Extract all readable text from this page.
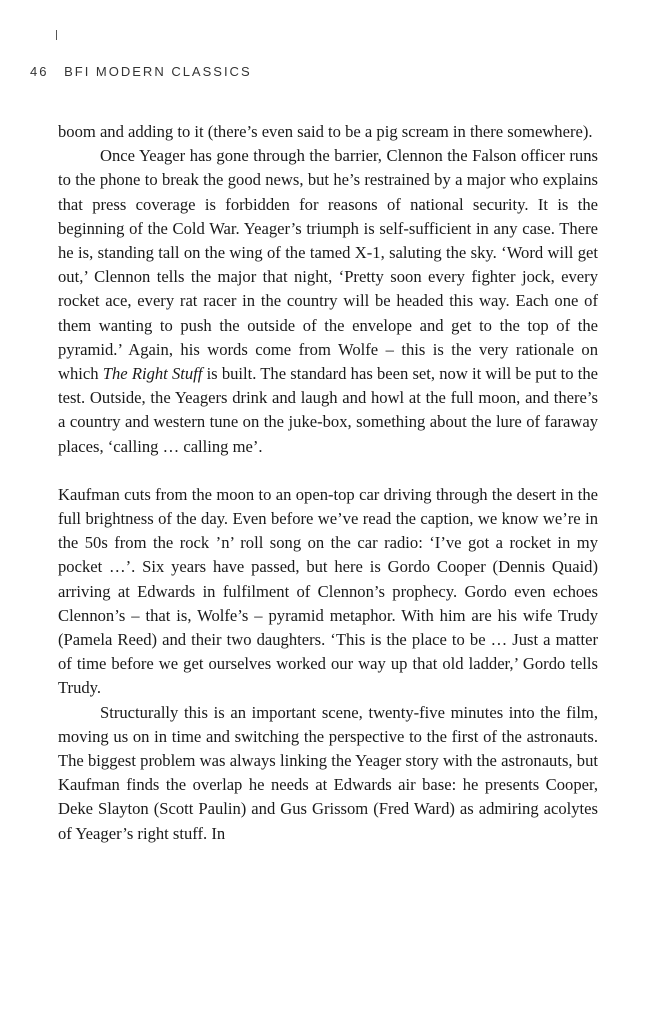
46 BFI MODERN CLASSICS

boom and adding to it (there’s even said to be a pig scream in there somewhere).

Once Yeager has gone through the barrier, Clennon the Falson officer runs to the phone to break the good news, but he’s restrained by a major who explains that press coverage is forbidden for reasons of national security. It is the beginning of the Cold War. Yeager’s triumph is self-sufficient in any case. There he is, standing tall on the wing of the tamed X-1, saluting the sky. ‘Word will get out,’ Clennon tells the major that night, ‘Pretty soon every fighter jock, every rocket ace, every rat racer in the country will be headed this way. Each one of them wanting to push the outside of the envelope and get to the top of the pyramid.’ Again, his words come from Wolfe – this is the very rationale on which The Right Stuff is built. The standard has been set, now it will be put to the test. Outside, the Yeagers drink and laugh and howl at the full moon, and there’s a country and western tune on the juke-box, something about the lure of faraway places, ‘calling … calling me’.

Kaufman cuts from the moon to an open-top car driving through the desert in the full brightness of the day. Even before we’ve read the caption, we know we’re in the 50s from the rock ’n’ roll song on the car radio: ‘I’ve got a rocket in my pocket …’. Six years have passed, but here is Gordo Cooper (Dennis Quaid) arriving at Edwards in fulfilment of Clennon’s prophecy. Gordo even echoes Clennon’s – that is, Wolfe’s – pyramid metaphor. With him are his wife Trudy (Pamela Reed) and their two daughters. ‘This is the place to be … Just a matter of time before we get ourselves worked our way up that old ladder,’ Gordo tells Trudy.

Structurally this is an important scene, twenty-five minutes into the film, moving us on in time and switching the perspective to the first of the astronauts. The biggest problem was always linking the Yeager story with the astronauts, but Kaufman finds the overlap he needs at Edwards air base: he presents Cooper, Deke Slayton (Scott Paulin) and Gus Grissom (Fred Ward) as admiring acolytes of Yeager’s right stuff. In
